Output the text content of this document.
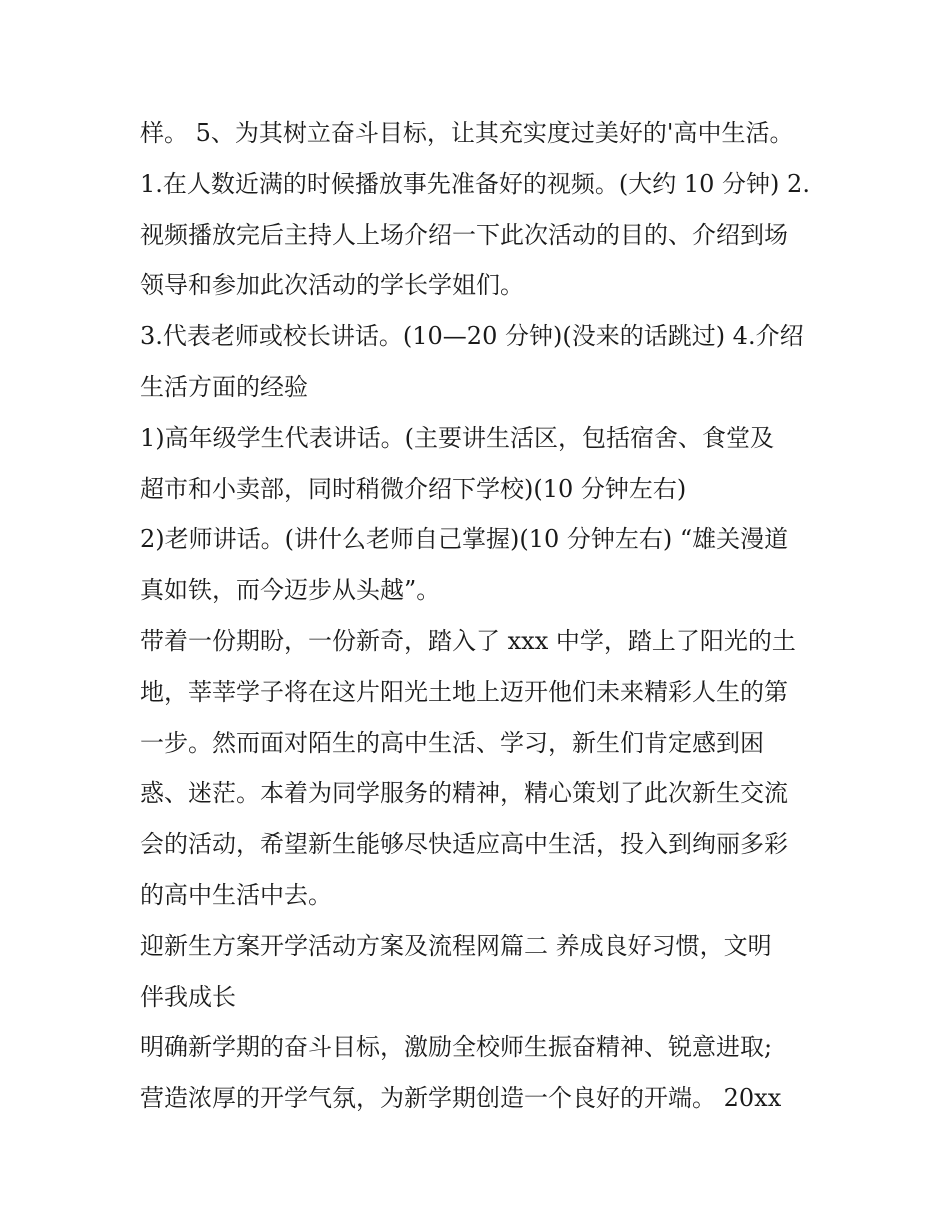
样。 5、为其树立奋斗目标，让其充实度过美好的'高中生活。
1.在人数近满的时候播放事先准备好的视频。(大约 10 分钟) 2.
视频播放完后主持人上场介绍一下此次活动的目的、介绍到场
领导和参加此次活动的学长学姐们。
3.代表老师或校长讲话。(10—20 分钟)(没来的话跳过) 4.介绍
生活方面的经验
1)高年级学生代表讲话。(主要讲生活区，包括宿舍、食堂及
超市和小卖部，同时稍微介绍下学校)(10 分钟左右)
2)老师讲话。(讲什么老师自己掌握)(10 分钟左右) “雄关漫道
真如铁，而今迈步从头越”。
带着一份期盼，一份新奇，踏入了 xxx 中学，踏上了阳光的土
地，莘莘学子将在这片阳光土地上迈开他们未来精彩人生的第
一步。然而面对陌生的高中生活、学习，新生们肯定感到困
惑、迷茫。本着为同学服务的精神，精心策划了此次新生交流
会的活动，希望新生能够尽快适应高中生活，投入到绚丽多彩
的高中生活中去。
迎新生方案开学活动方案及流程网篇二 养成良好习惯，文明
伴我成长
明确新学期的奋斗目标，激励全校师生振奋精神、锐意进取;
营造浓厚的开学气氛，为新学期创造一个良好的开端。 20xx
